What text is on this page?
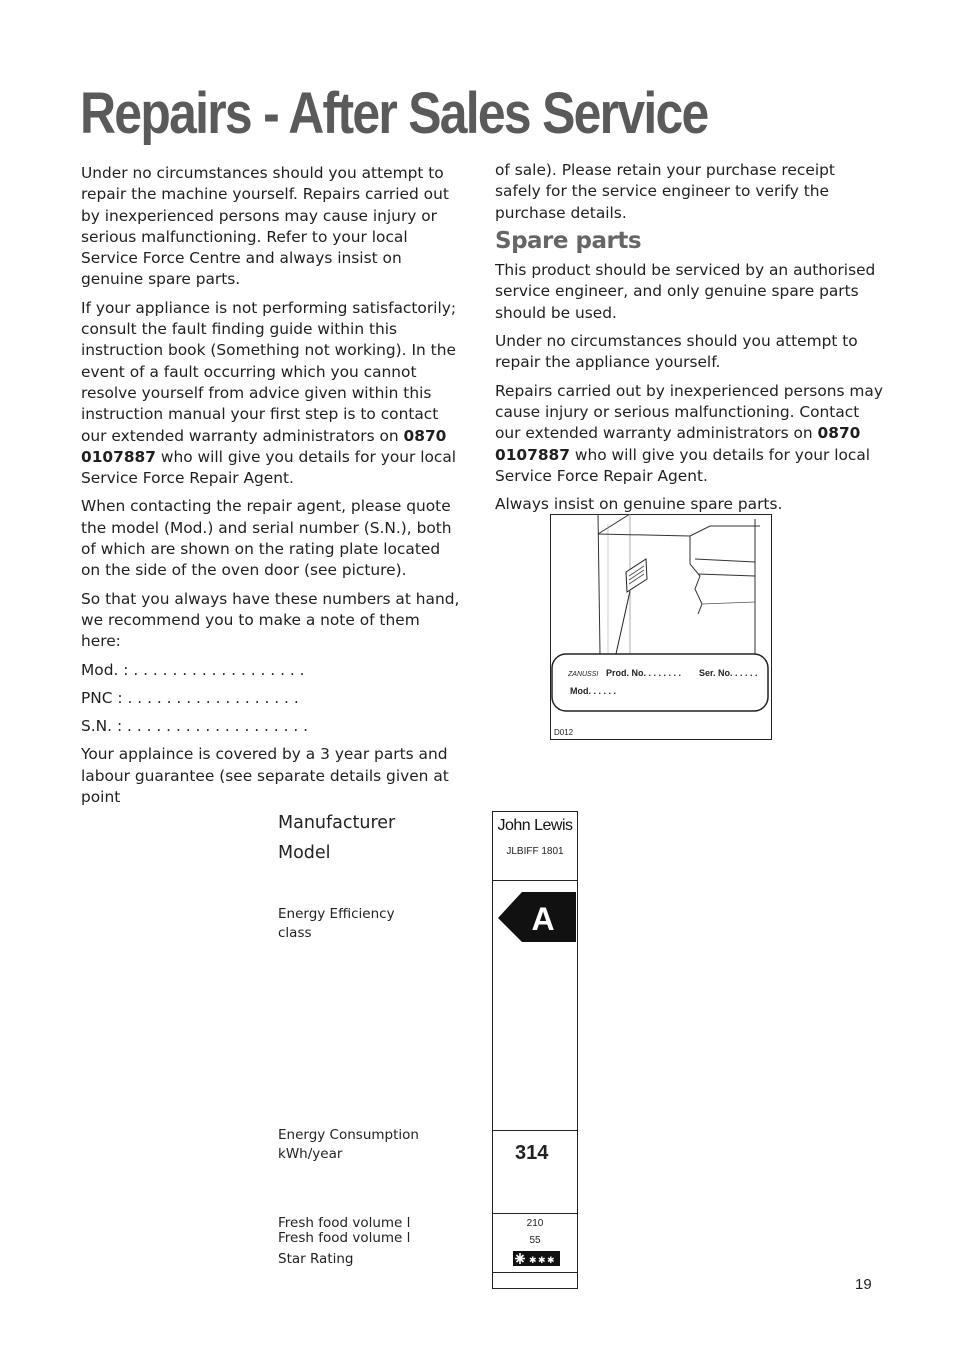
Repairs - After Sales Service

Under no circumstances should you attempt to repair the machine yourself. Repairs carried out by inexperienced persons may cause injury or serious malfunctioning. Refer to your local Service Force Centre and always insist on genuine spare parts.

If your appliance is not performing satisfactorily; consult the fault finding guide within this instruction book (Something not working). In the event of a fault occurring which you cannot resolve yourself from advice given within this instruction manual your first step is to contact our extended warranty administrators on 0870 0107887 who will give you details for your local Service Force Repair Agent.

When contacting the repair agent, please quote the model (Mod.) and serial number (S.N.), both of which are shown on the rating plate located on the side of the oven door (see picture).

So that you always have these numbers at hand, we recommend you to make a note of them here:

Mod. : . . . . . . . . . . . . . . . . . .
PNC : . . . . . . . . . . . . . . . . . .
S.N. : . . . . . . . . . . . . . . . . . . .

Your applaince is covered by a 3 year parts and labour guarantee (see separate details given at point

of sale). Please retain your purchase receipt safely for the service engineer to verify the purchase details.

Spare parts

This product should be serviced by an authorised service engineer, and only genuine spare parts should be used.

Under no circumstances should you attempt to repair the appliance yourself.

Repairs carried out by inexperienced persons may cause injury or serious malfunctioning. Contact our extended warranty administrators on 0870 0107887 who will give you details for your local Service Force Repair Agent.

Always insist on genuine spare parts.

ZANUSSI Prod. No. . . . . . . . Ser. No. . . . . .
Mod. . . . . .
D012
Manufacturer
Model
Energy Efficiency
class
Energy Consumption
kWh/year
Fresh food volume l
Fresh food volume l
Star Rating
John Lewis
JLBIFF 1801
A
314
210
55
✱ ✱ ✱
19
